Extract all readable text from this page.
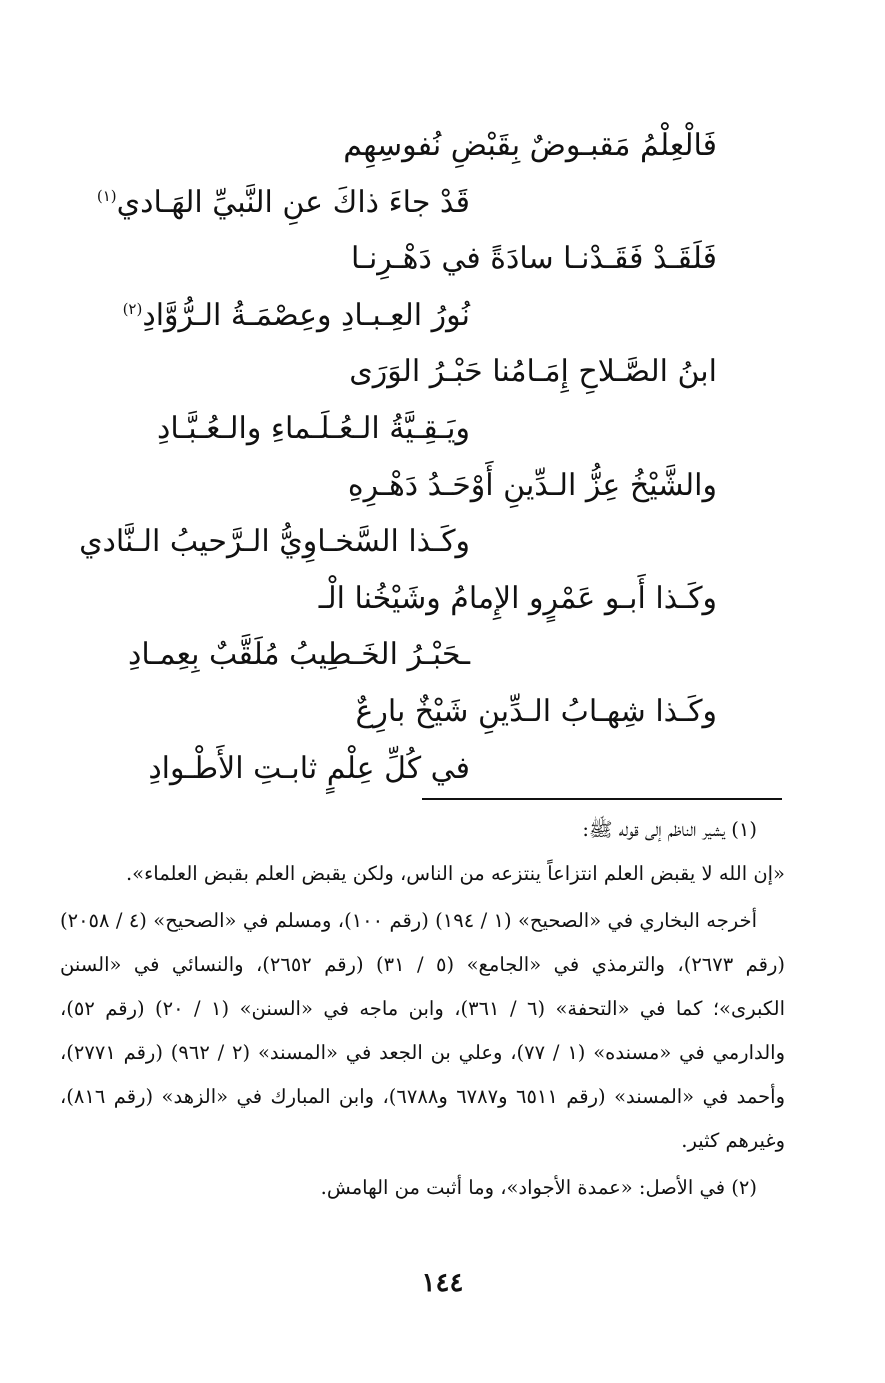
فَالْعِلْمُ مَقبـوضٌ بِقَبْضِ نُفوسِهِم
قَدْ جاءَ ذاكَ عنِ النَّبيِّ الهَـادي$^{(١)}$
فَلَقَـدْ فَقَـدْنـا سادَةً في دَهْـرِنـا
نُورُ العِـبـادِ وعِصْمَـةُ الـرُّوَّادِ$^{(٢)}$
ابنُ الصَّـلاحِ إِمَـامُنا حَبْـرُ الوَرَى
ويَـقِـيَّةُ الـعُـلَـماءِ والـعُـبَّـادِ
والشَّيْخُ عِزُّ الـدِّينِ أَوْحَـدُ دَهْـرِهِ
وكَـذا السَّخـاوِيُّ الـرَّحيبُ الـنَّادي
وكَـذا أَبـو عَمْرٍو الإِمامُ وشَيْخُنا الْـ
ـحَبْـرُ الخَـطِيبُ مُلَقَّبٌ بِعِمـادِ
وكَـذا شِهـابُ الـدِّينِ شَيْخٌ بارِعٌ
في كُلِّ عِلْمٍ ثابـتِ الأَطْـوادِ

(١) يشير الناظم إلى قوله ﷺ:

«إن الله لا يقبض العلم انتزاعاً ينتزعه من الناس، ولكن يقبض العلم بقبض العلماء».

أخرجه البخاري في «الصحيح» (١ / ١٩٤) (رقم ١٠٠)، ومسلم في «الصحيح» (٤ / ٢٠٥٨) (رقم ٢٦٧٣)، والترمذي في «الجامع» (٥ / ٣١) (رقم ٢٦٥٢)، والنسائي في «السنن الكبرى»؛ كما في «التحفة» (٦ / ٣٦١)، وابن ماجه في «السنن» (١ / ٢٠) (رقم ٥٢)، والدارمي في «مسنده» (١ / ٧٧)، وعلي بن الجعد في «المسند» (٢ / ٩٦٢) (رقم ٢٧٧١)، وأحمد في «المسند» (رقم ٦٥١١ و٦٧٨٧ و٦٧٨٨)، وابن المبارك في «الزهد» (رقم ٨١٦)، وغيرهم كثير.

(٢) في الأصل: «عمدة الأجواد»، وما أثبت من الهامش.

١٤٤
